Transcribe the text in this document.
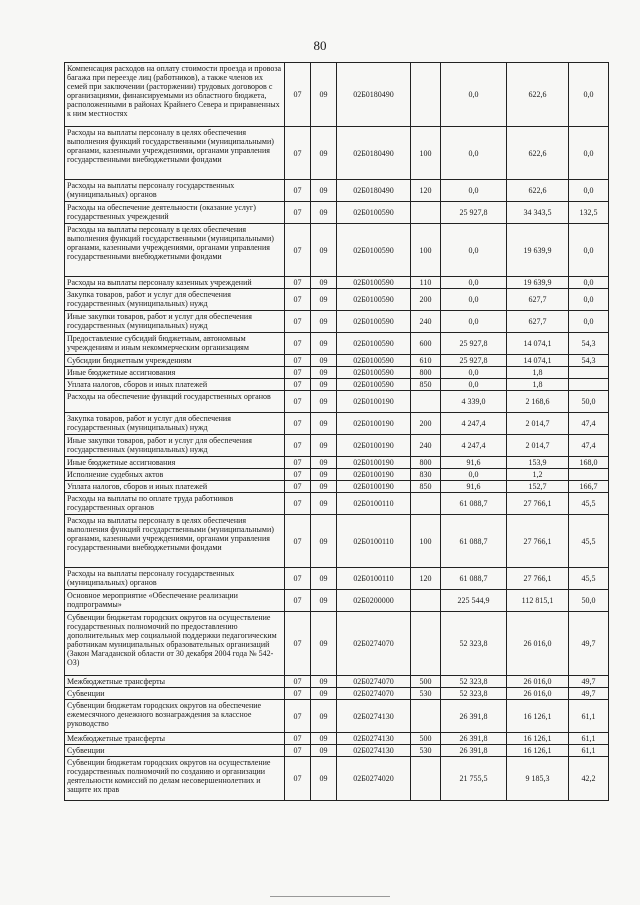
80
Компенсация расходов на оплату стоимости проезда и провоза багажа при переезде лиц (работников), а также членов их семей при заключении (расторжении) трудовых договоров с организациями, финансируемыми из областного бюджета, расположенными в районах Крайнего Севера и приравненных к ним местностях	07	09	02Б0180490		0,0	622,6	0,0
Расходы на выплаты персоналу в целях обеспечения выполнения функций государственными (муниципальными) органами, казенными учреждениями, органами управления государственными внебюджетными фондами	07	09	02Б0180490	100	0,0	622,6	0,0
Расходы на выплаты персоналу государственных (муниципальных) органов	07	09	02Б0180490	120	0,0	622,6	0,0
Расходы на обеспечение деятельности (оказание услуг) государственных учреждений	07	09	02Б0100590		25 927,8	34 343,5	132,5
Расходы на выплаты персоналу в целях обеспечения выполнения функций государственными (муниципальными) органами, казенными учреждениями, органами управления государственными внебюджетными фондами	07	09	02Б0100590	100	0,0	19 639,9	0,0
Расходы на выплаты персоналу казенных учреждений	07	09	02Б0100590	110	0,0	19 639,9	0,0
Закупка товаров, работ и услуг для обеспечения государственных (муниципальных) нужд	07	09	02Б0100590	200	0,0	627,7	0,0
Иные закупки товаров, работ и услуг для обеспечения государственных (муниципальных) нужд	07	09	02Б0100590	240	0,0	627,7	0,0
Предоставление субсидий бюджетным, автономным учреждениям и иным некоммерческим организациям	07	09	02Б0100590	600	25 927,8	14 074,1	54,3
Субсидии бюджетным учреждениям	07	09	02Б0100590	610	25 927,8	14 074,1	54,3
Иные бюджетные ассигнования	07	09	02Б0100590	800	0,0	1,8	
Уплата налогов, сборов и иных платежей	07	09	02Б0100590	850	0,0	1,8	
Расходы на обеспечение функций государственных органов	07	09	02Б0100190		4 339,0	2 168,6	50,0
Закупка товаров, работ и услуг для обеспечения государственных (муниципальных) нужд	07	09	02Б0100190	200	4 247,4	2 014,7	47,4
Иные закупки товаров, работ и услуг для обеспечения государственных (муниципальных) нужд	07	09	02Б0100190	240	4 247,4	2 014,7	47,4
Иные бюджетные ассигнования	07	09	02Б0100190	800	91,6	153,9	168,0
Исполнение судебных актов	07	09	02Б0100190	830	0,0	1,2	
Уплата налогов, сборов и иных платежей	07	09	02Б0100190	850	91,6	152,7	166,7
Расходы на выплаты по оплате труда работников государственных органов	07	09	02Б0100110		61 088,7	27 766,1	45,5
Расходы на выплаты персоналу в целях обеспечения выполнения функций государственными (муниципальными) органами, казенными учреждениями, органами управления государственными внебюджетными фондами	07	09	02Б0100110	100	61 088,7	27 766,1	45,5
Расходы на выплаты персоналу государственных (муниципальных) органов	07	09	02Б0100110	120	61 088,7	27 766,1	45,5
Основное мероприятие «Обеспечение реализации подпрограммы»	07	09	02Б0200000		225 544,9	112 815,1	50,0
Субвенции бюджетам городских округов на осуществление государственных полномочий по предоставлению дополнительных мер социальной поддержки педагогическим работникам муниципальных образовательных организаций (Закон Магаданской области от 30 декабря 2004 года № 542-ОЗ)	07	09	02Б0274070		52 323,8	26 016,0	49,7
Межбюджетные трансферты	07	09	02Б0274070	500	52 323,8	26 016,0	49,7
Субвенции	07	09	02Б0274070	530	52 323,8	26 016,0	49,7
Субвенции бюджетам городских округов на обеспечение ежемесячного денежного вознаграждения за классное руководство	07	09	02Б0274130		26 391,8	16 126,1	61,1
Межбюджетные трансферты	07	09	02Б0274130	500	26 391,8	16 126,1	61,1
Субвенции	07	09	02Б0274130	530	26 391,8	16 126,1	61,1
Субвенции бюджетам городских округов на осуществление государственных полномочий по созданию и организации деятельности комиссий по делам несовершеннолетних и защите их прав	07	09	02Б0274020		21 755,5	9 185,3	42,2
